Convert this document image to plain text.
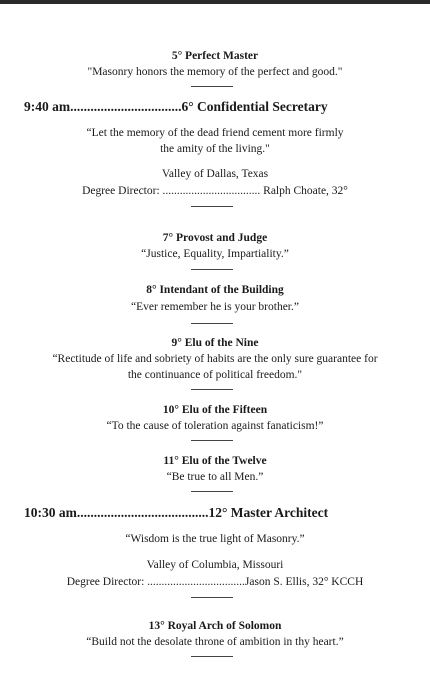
5° Perfect Master
"Masonry honors the memory of the perfect and good."
9:40 am.................................6° Confidential Secretary
“Let the memory of the dead friend cement more firmly
the amity of the living."
Valley of Dallas, Texas
Degree Director: .................................. Ralph Choate, 32°
7° Provost and Judge
“Justice, Equality, Impartiality.”
8° Intendant of the Building
“Ever remember he is your brother.”
9° Elu of the Nine
“Rectitude of life and sobriety of habits are the only sure guarantee for
the continuance of political freedom."
10° Elu of the Fifteen
“To the cause of toleration against fanaticism!”
11° Elu of the Twelve
“Be true to all Men.”
10:30 am.......................................12° Master Architect
“Wisdom is the true light of Masonry.”
Valley of Columbia, Missouri
Degree Director: ..................................Jason S. Ellis, 32° KCCH
13° Royal Arch of Solomon
“Build not the desolate throne of ambition in thy heart.”
